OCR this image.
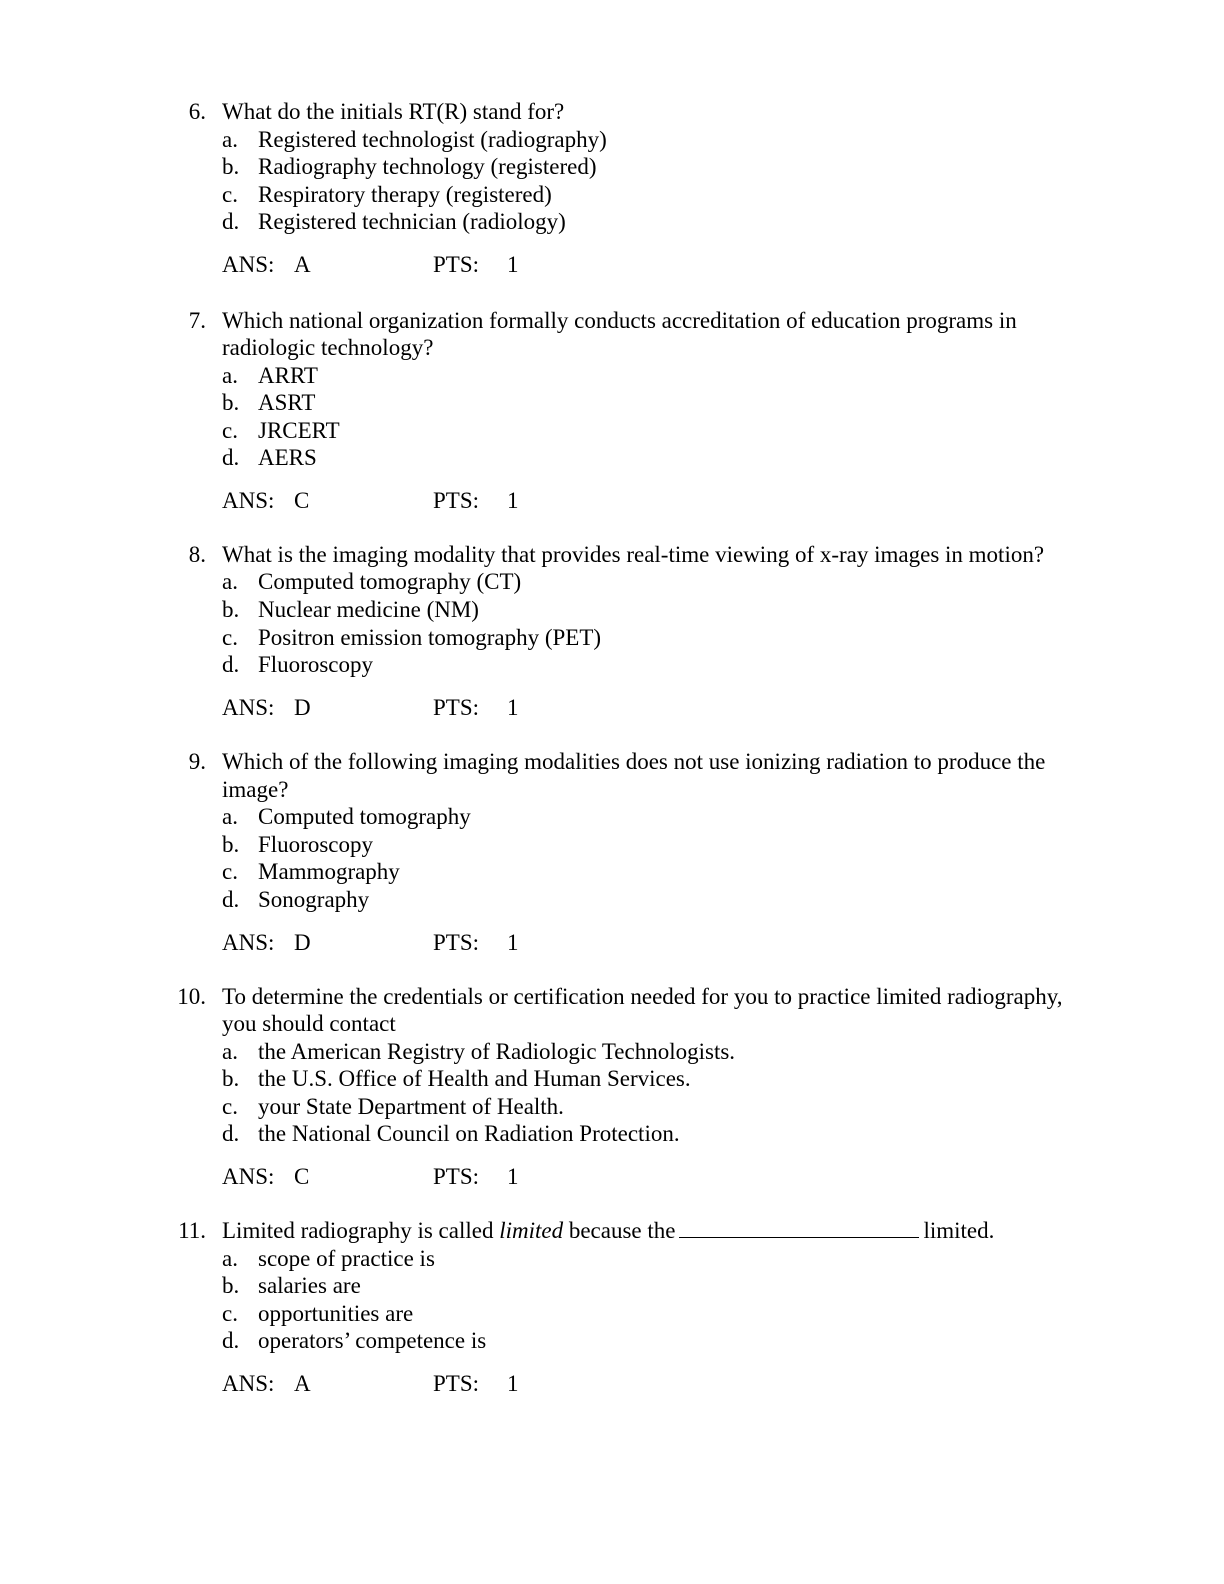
6. What do the initials RT(R) stand for?
a. Registered technologist (radiography)
b. Radiography technology (registered)
c. Respiratory therapy (registered)
d. Registered technician (radiology)
ANS: A	PTS: 1
7. Which national organization formally conducts accreditation of education programs in
radiologic technology?
a. ARRT
b. ASRT
c. JRCERT
d. AERS
ANS: C	PTS: 1
8. What is the imaging modality that provides real-time viewing of x-ray images in motion?
a. Computed tomography (CT)
b. Nuclear medicine (NM)
c. Positron emission tomography (PET)
d. Fluoroscopy
ANS: D	PTS: 1
9. Which of the following imaging modalities does not use ionizing radiation to produce the
image?
a. Computed tomography
b. Fluoroscopy
c. Mammography
d. Sonography
ANS: D	PTS: 1
10. To determine the credentials or certification needed for you to practice limited radiography,
you should contact
a. the American Registry of Radiologic Technologists.
b. the U.S. Office of Health and Human Services.
c. your State Department of Health.
d. the National Council on Radiation Protection.
ANS: C	PTS: 1
11. Limited radiography is called limited because the	limited.
a. scope of practice is
b. salaries are
c. opportunities are
d. operators’ competence is
ANS: A	PTS: 1
